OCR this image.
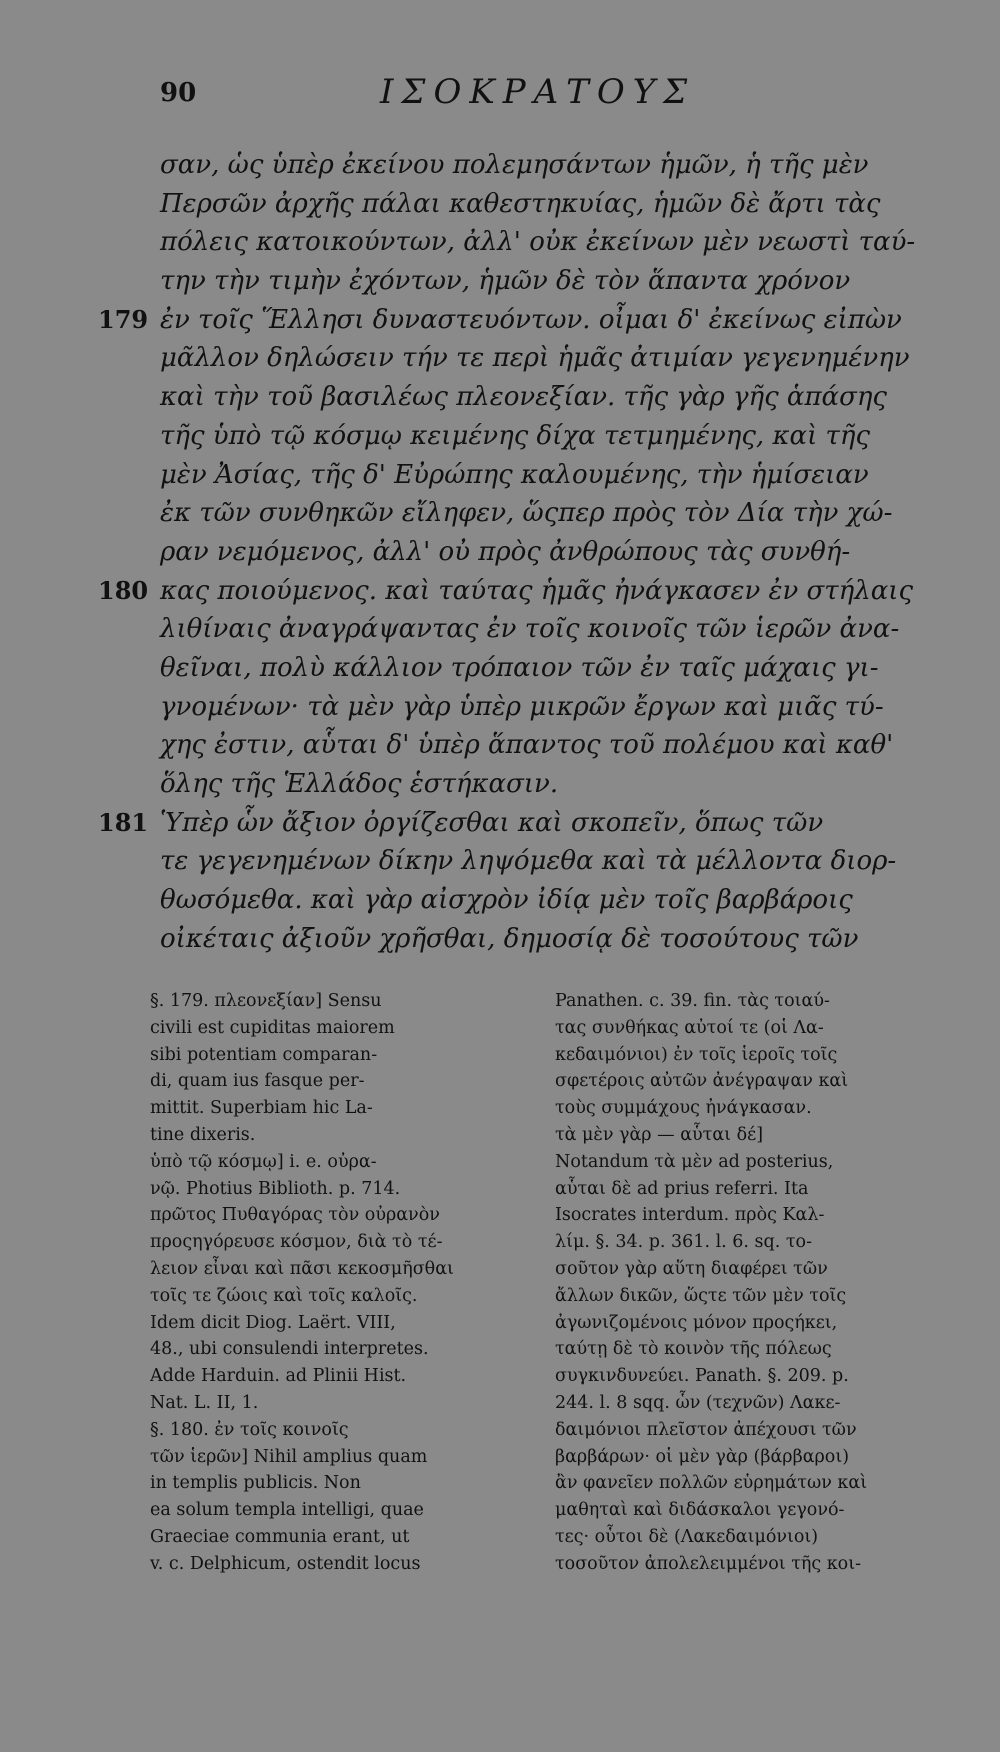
90	ΙΣΟΚΡΑΤΟΥΣ
σαν, ὡς ὑπὲρ ἐκείνου πολεμησάντων ἡμῶν, ἡ τῆς μὲν
Περσῶν ἀρχῆς πάλαι καθεστηκυίας, ἡμῶν δὲ ἄρτι τὰς
πόλεις κατοικούντων, ἀλλ' οὐκ ἐκείνων μὲν νεωστὶ ταύ-
την τὴν τιμὴν ἐχόντων, ἡμῶν δὲ τὸν ἅπαντα χρόνον
179 ἐν τοῖς Ἕλλησι δυναστευόντων. οἶμαι δ' ἐκείνως εἰπὼν
μᾶλλον δηλώσειν τήν τε περὶ ἡμᾶς ἀτιμίαν γεγενημένην
καὶ τὴν τοῦ βασιλέως πλεονεξίαν. τῆς γὰρ γῆς ἁπάσης
τῆς ὑπὸ τῷ κόσμῳ κειμένης δίχα τετμημένης, καὶ τῆς
μὲν Ἀσίας, τῆς δ' Εὐρώπης καλουμένης, τὴν ἡμίσειαν
ἐκ τῶν συνθηκῶν εἴληφεν, ὥςπερ πρὸς τὸν Δία τὴν χώ-
ραν νεμόμενος, ἀλλ' οὐ πρὸς ἀνθρώπους τὰς συνθή-
180 κας ποιούμενος. καὶ ταύτας ἡμᾶς ἠνάγκασεν ἐν στήλαις
λιθίναις ἀναγράψαντας ἐν τοῖς κοινοῖς τῶν ἱερῶν ἀνα-
θεῖναι, πολὺ κάλλιον τρόπαιον τῶν ἐν ταῖς μάχαις γι-
γνομένων· τὰ μὲν γὰρ ὑπὲρ μικρῶν ἔργων καὶ μιᾶς τύ-
χης ἐστιν, αὗται δ' ὑπὲρ ἅπαντος τοῦ πολέμου καὶ καθ'
ὅλης τῆς Ἑλλάδος ἑστήκασιν.
181 Ὑπὲρ ὧν ἄξιον ὀργίζεσθαι καὶ σκοπεῖν, ὅπως τῶν
τε γεγενημένων δίκην ληψόμεθα καὶ τὰ μέλλοντα διορ-
θωσόμεθα. καὶ γὰρ αἰσχρὸν ἰδίᾳ μὲν τοῖς βαρβάροις
οἰκέταις ἀξιοῦν χρῆσθαι, δημοσίᾳ δὲ τοσούτους τῶν
§. 179. πλεονεξίαν] Sensu
civili est cupiditas maiorem
sibi potentiam comparan-
di, quam ius fasque per-
mittit. Superbiam hic La-
tine dixeris.
ὑπὸ τῷ κόσμῳ] i. e. οὐρα-
νῷ. Photius Biblioth. p. 714.
πρῶτος Πυθαγόρας τὸν οὐρανὸν
προςηγόρευσε κόσμον, διὰ τὸ τέ-
λειον εἶναι καὶ πᾶσι κεκοσμῆσθαι
τοῖς τε ζώοις καὶ τοῖς καλοῖς.
Idem dicit Diog. Laërt. VIII,
48., ubi consulendi interpretes.
Adde Harduin. ad Plinii Hist.
Nat. L. II, 1.
§. 180. ἐν τοῖς κοινοῖς
τῶν ἱερῶν] Nihil amplius quam
in templis publicis. Non
ea solum templa intelligi, quae
Graeciae communia erant, ut
v. c. Delphicum, ostendit locus
Panathen. c. 39. fin. τὰς τοιαύ-
τας συνθήκας αὐτοί τε (οἱ Λα-
κεδαιμόνιοι) ἐν τοῖς ἱεροῖς τοῖς
σφετέροις αὐτῶν ἀνέγραψαν καὶ
τοὺς συμμάχους ἠνάγκασαν.
τὰ μὲν γὰρ — αὗται δέ]
Notandum τὰ μὲν ad posterius,
αὗται δὲ ad prius referri. Ita
Isocrates interdum. πρὸς Καλ-
λίμ. §. 34. p. 361. l. 6. sq. το-
σοῦτον γὰρ αὕτη διαφέρει τῶν
ἄλλων δικῶν, ὥςτε τῶν μὲν τοῖς
ἀγωνιζομένοις μόνον προςήκει,
ταύτῃ δὲ τὸ κοινὸν τῆς πόλεως
συγκινδυνεύει. Panath. §. 209. p.
244. l. 8 sqq. ὧν (τεχνῶν) Λακε-
δαιμόνιοι πλεῖστον ἀπέχουσι τῶν
βαρβάρων· οἱ μὲν γὰρ (βάρβαροι)
ἂν φανεῖεν πολλῶν εὑρημάτων καὶ
μαθηταὶ καὶ διδάσκαλοι γεγονό-
τες· οὗτοι δὲ (Λακεδαιμόνιοι)
τοσοῦτον ἀπολελειμμένοι τῆς κοι-
